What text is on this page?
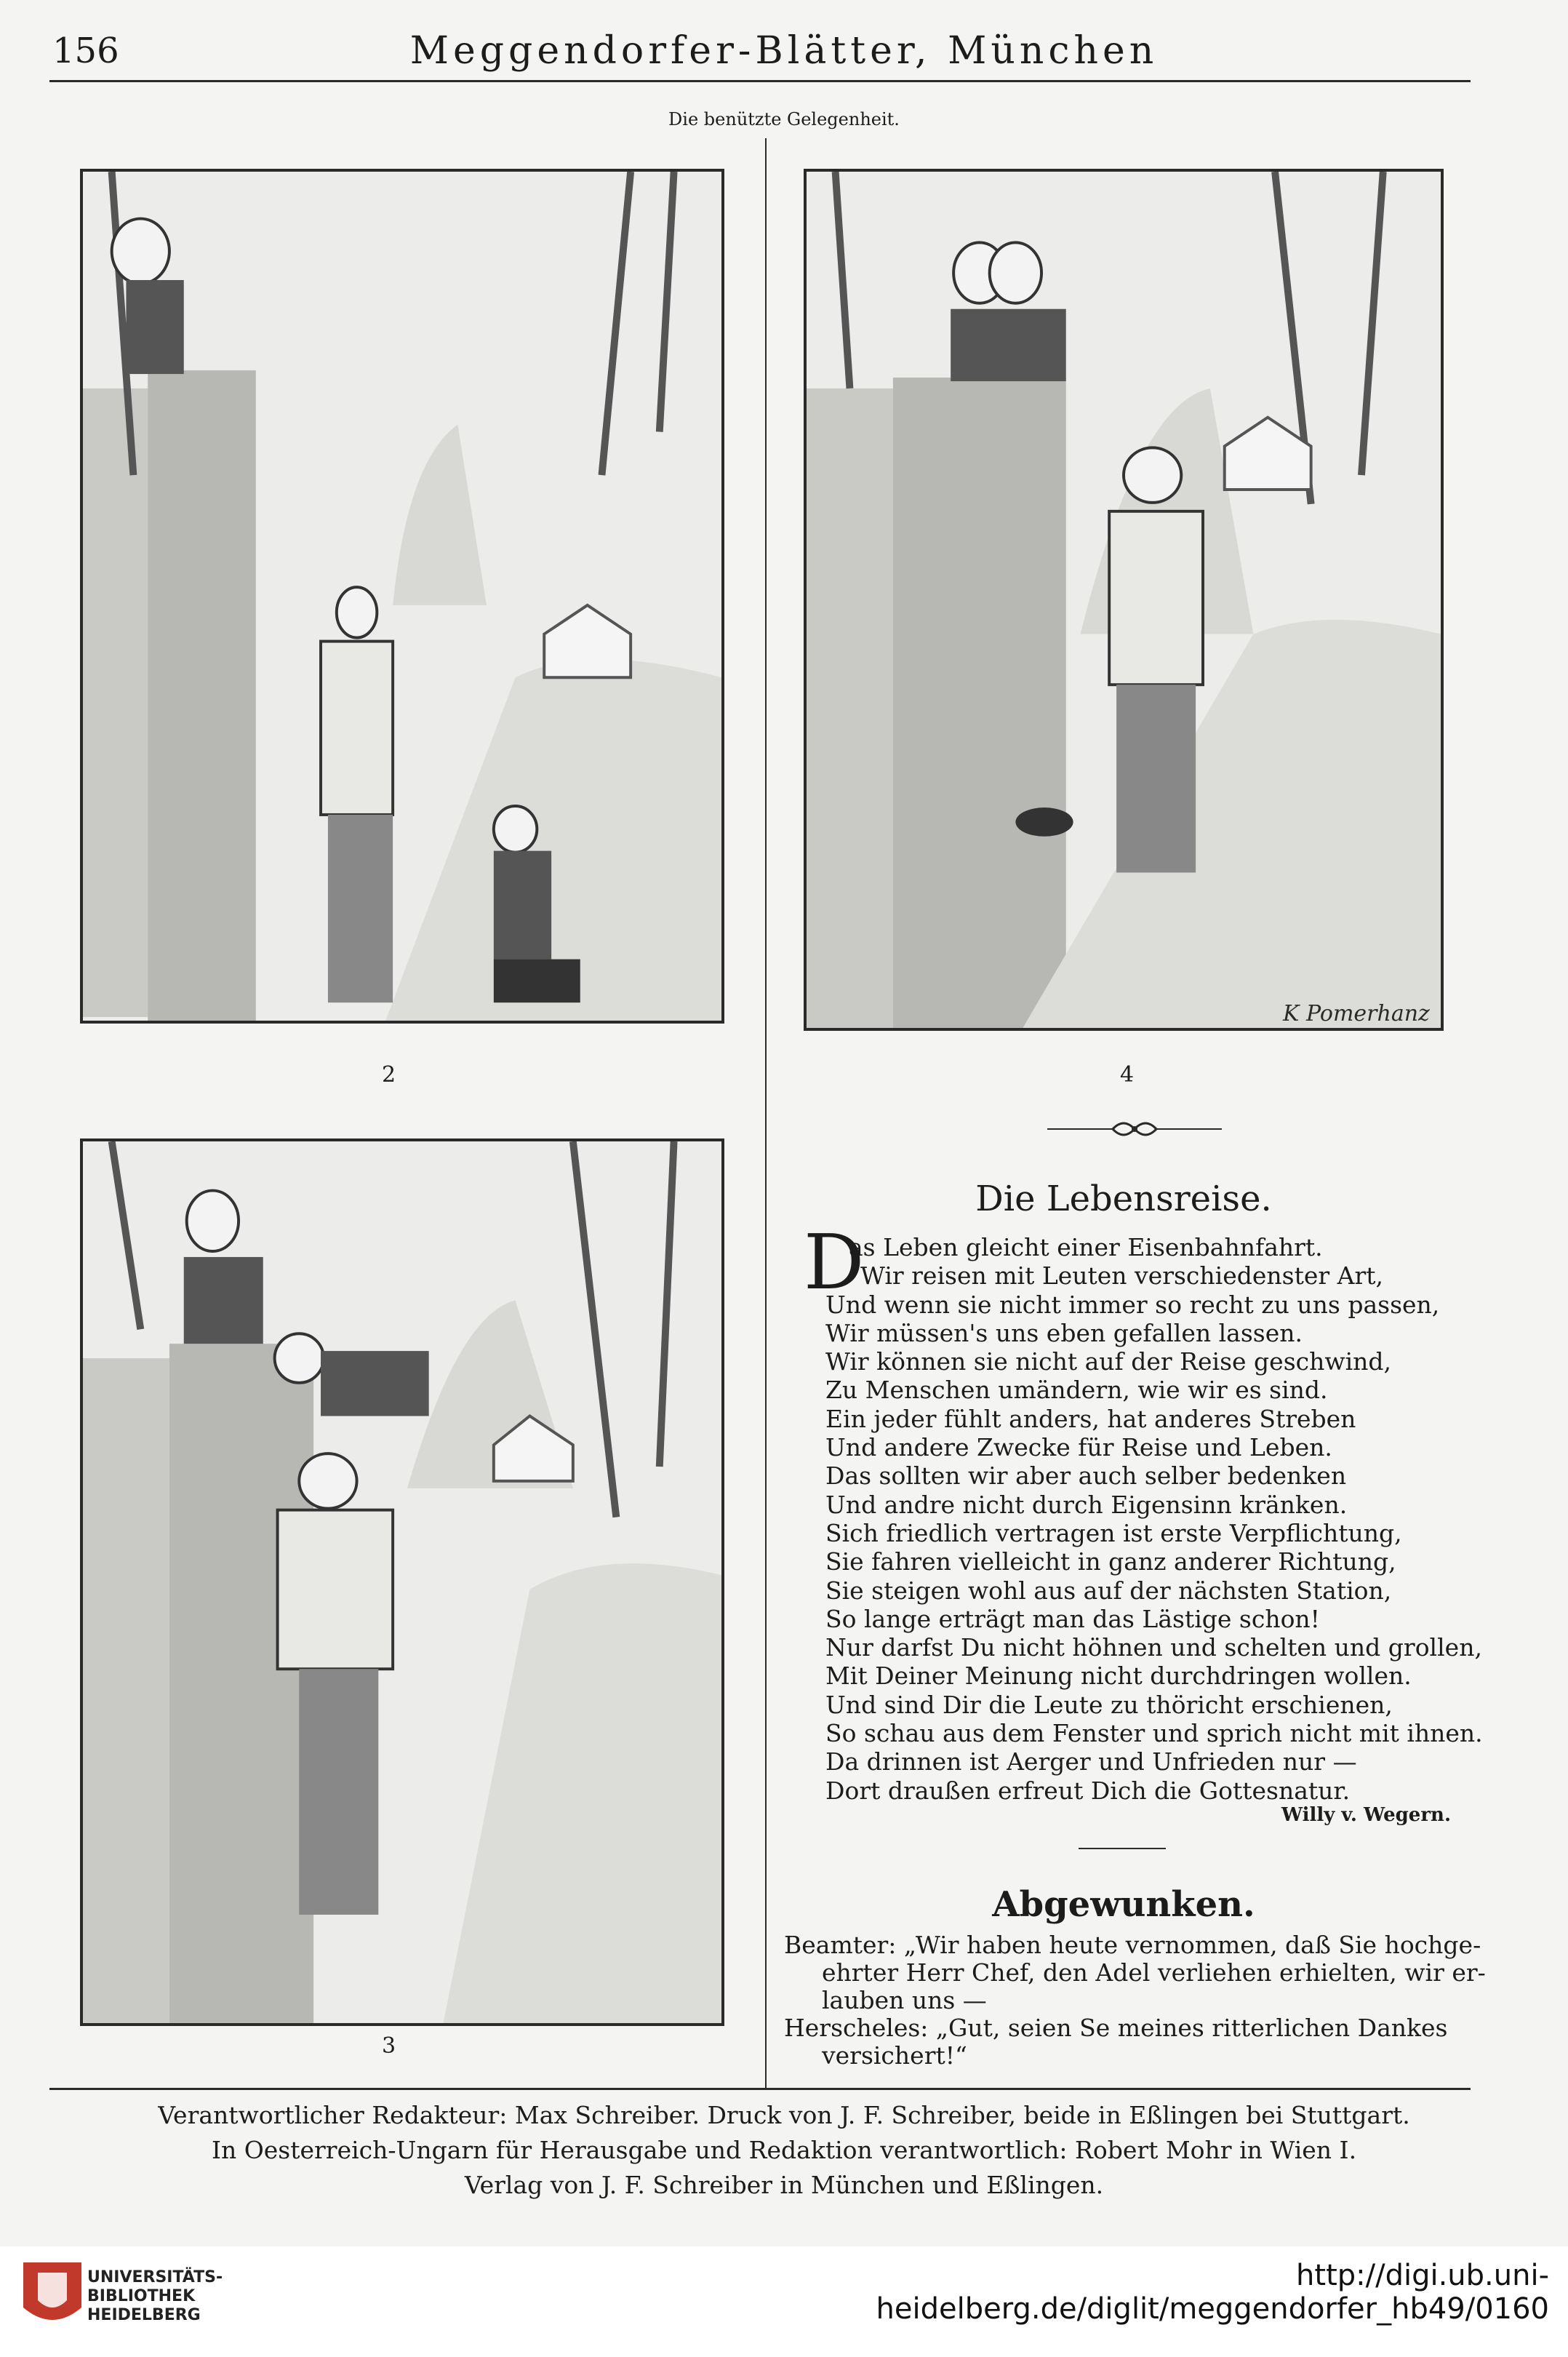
156	Meggendorfer-Blätter, München
Die benützte Gelegenheit.
2
K Pomerhanz
4
3
Die Lebensreise.
D
as Leben gleicht einer Eisenbahnfahrt.
Wir reisen mit Leuten verschiedenster Art,
Und wenn sie nicht immer so recht zu uns passen,
Wir müssen's uns eben gefallen lassen.
Wir können sie nicht auf der Reise geschwind,
Zu Menschen umändern, wie wir es sind.
Ein jeder fühlt anders, hat anderes Streben
Und andere Zwecke für Reise und Leben.
Das sollten wir aber auch selber bedenken
Und andre nicht durch Eigensinn kränken.
Sich friedlich vertragen ist erste Verpflichtung,
Sie fahren vielleicht in ganz anderer Richtung,
Sie steigen wohl aus auf der nächsten Station,
So lange erträgt man das Lästige schon!
Nur darfst Du nicht höhnen und schelten und grollen,
Mit Deiner Meinung nicht durchdringen wollen.
Und sind Dir die Leute zu thöricht erschienen,
So schau aus dem Fenster und sprich nicht mit ihnen.
Da drinnen ist Aerger und Unfrieden nur —
Dort draußen erfreut Dich die Gottesnatur.
Willy v. Wegern.
Abgewunken.
Beamter: „Wir haben heute vernommen, daß Sie hochge-
ehrter Herr Chef, den Adel verliehen erhielten, wir er-
lauben uns —
Herscheles: „Gut, seien Se meines ritterlichen Dankes
versichert!“
Verantwortlicher Redakteur: Max Schreiber. Druck von J. F. Schreiber, beide in Eßlingen bei Stuttgart.
In Oesterreich-Ungarn für Herausgabe und Redaktion verantwortlich: Robert Mohr in Wien I.
Verlag von J. F. Schreiber in München und Eßlingen.
UNIVERSITÄTS-
BIBLIOTHEK
HEIDELBERG
http://digi.ub.uni-heidelberg.de/diglit/meggendorfer_hb49/0160
